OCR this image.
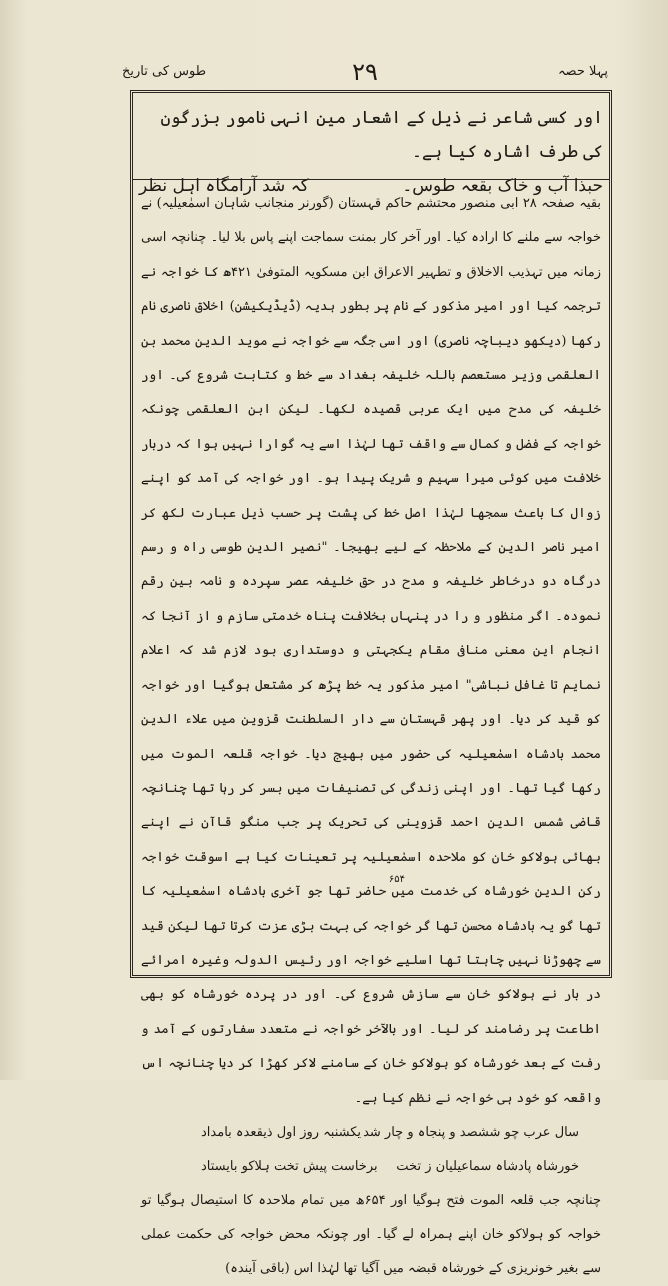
پہلا حصہ
۲۹
طوس کی تاریخ
اور کسی شاعر نے ذیل کے اشعار مین انہی نامور بزرگون کی طرف اشارہ کیا ہے۔
حبذا آب و خاک بقعہ طوس۔
کہ شد آرامگاہ اہل نظر

بقیہ صفحہ ۲۸ ابی منصور محتشم حاکم قہستان (گورنر منجانب شاہان اسمٰعیلیہ) نے خواجہ سے ملنے کا ارادہ کیا۔ اور آخر کار بمنت سماجت اپنے پاس بلا لیا۔ چنانچہ اسی زمانہ میں تہذیب الاخلاق و تطہیر الاعراق ابن مسکویہ المتوفیٰ ۴۲۱ھ کا خواجہ نے ترجمہ کیا اور امیر مذکور کے نام پر بطور ہدیہ (ڈیڈیکیشن) اخلاق ناصری نام رکھا (دیکھو دیباچہ ناصری) اور اسی جگہ سے خواجہ نے موید الدین محمد بن العلقمی وزیر مستعصم باللہ خلیفہ بغداد سے خط و کتابت شروع کی۔ اور خلیفہ کی مدح میں ایک عربی قصیدہ لکھا۔ لیکن ابن العلقمی چونکہ خواجہ کے فضل و کمال سے واقف تھا لہٰذا اسے یہ گوارا نہیں ہوا کہ دربار خلافت میں کوئی میرا سہیم و شریک پیدا ہو۔ اور خواجہ کی آمد کو اپنے زوال کا باعث سمجھا لہٰذا اصل خط کی پشت پر حسب ذیل عبارت لکھ کر امیر ناصر الدین کے ملاحظہ کے لیے بھیجا۔ "نصیر الدین طوسی راہ و رسم درگاہ دو درخاطر خلیفہ و مدح در حق خلیفہ عصر سپردہ و نامہ بین رقم نمودہ۔ اگر منظور و را در پنہاں بخلافت پناہ خدمتی سازم و از آنجا کہ انجام این معنی منافی مقام یکجہتی و دوستداری بود لازم شد کہ اعلام نمایم تا غافل نباشی" امیر مذکور یہ خط پڑھ کر مشتعل ہوگیا اور خواجہ کو قید کر دیا۔ اور پھر قہستان سے دار السلطنت قزوین میں علاء الدین محمد بادشاہ اسمٰعیلیہ کی حضور میں بھیج دیا۔ خواجہ قلعہ الموت میں رکھا گیا تھا۔ اور اپنی زندگی کی تصنیفات میں بسر کر رہا تھا چنانچہ قاضی شمس الدین احمد قزوینی کی تحریک پر جب منگو قاآن نے اپنے بھائی ہولاکو خان کو ملاحدہ اسمٰعیلیہ پر تعینات کیا ہے اسوقت خواجہ رکن الدین خورشاہ کی خدمت میں حاضر تھا جو آخری بادشاہ اسمٰعیلیہ کا تھا گو یہ بادشاہ محسن تھا گر خواجہ کی بہت بڑی عزت کرتا تھا لیکن قید سے چھوڑنا نہیں چاہتا تھا اسلیے خواجہ اور رئیس الدولہ وغیرہ امرائے در بار نے ہولاکو خان سے سازش شروع کی۔ اور در پردہ خورشاہ کو بھی اطاعت پر رضامند کر لیا۔ اور بالآخر خواجہ نے متعدد سفارتوں کے آمد و رفت کے بعد خورشاہ کو ہولاکو خان کے سامنے لاکر کھڑا کر دیا چنانچہ اس واقعہ کو خود ہی خواجہ نے نظم کیا ہے۔

سال عرب چو ششصد و پنجاہ و چار شد
یکشنبہ روز اول ذیقعدہ بامداد
خورشاہ پادشاہ سماعیلیان ز تخت
برخاست پیش تخت ہلاکو بایستاد
۶۵۴

چنانچہ جب قلعہ الموت فتح ہوگیا اور ۶۵۴ھ میں تمام ملاحدہ کا استیصال ہوگیا تو خواجہ کو ہولاکو خان اپنے ہمراہ لے گیا۔ اور چونکہ محض خواجہ کی حکمت عملی سے بغیر خونریزی کے خورشاہ قبضہ میں آگیا تھا لہٰذا اس (باقی آیندہ)
